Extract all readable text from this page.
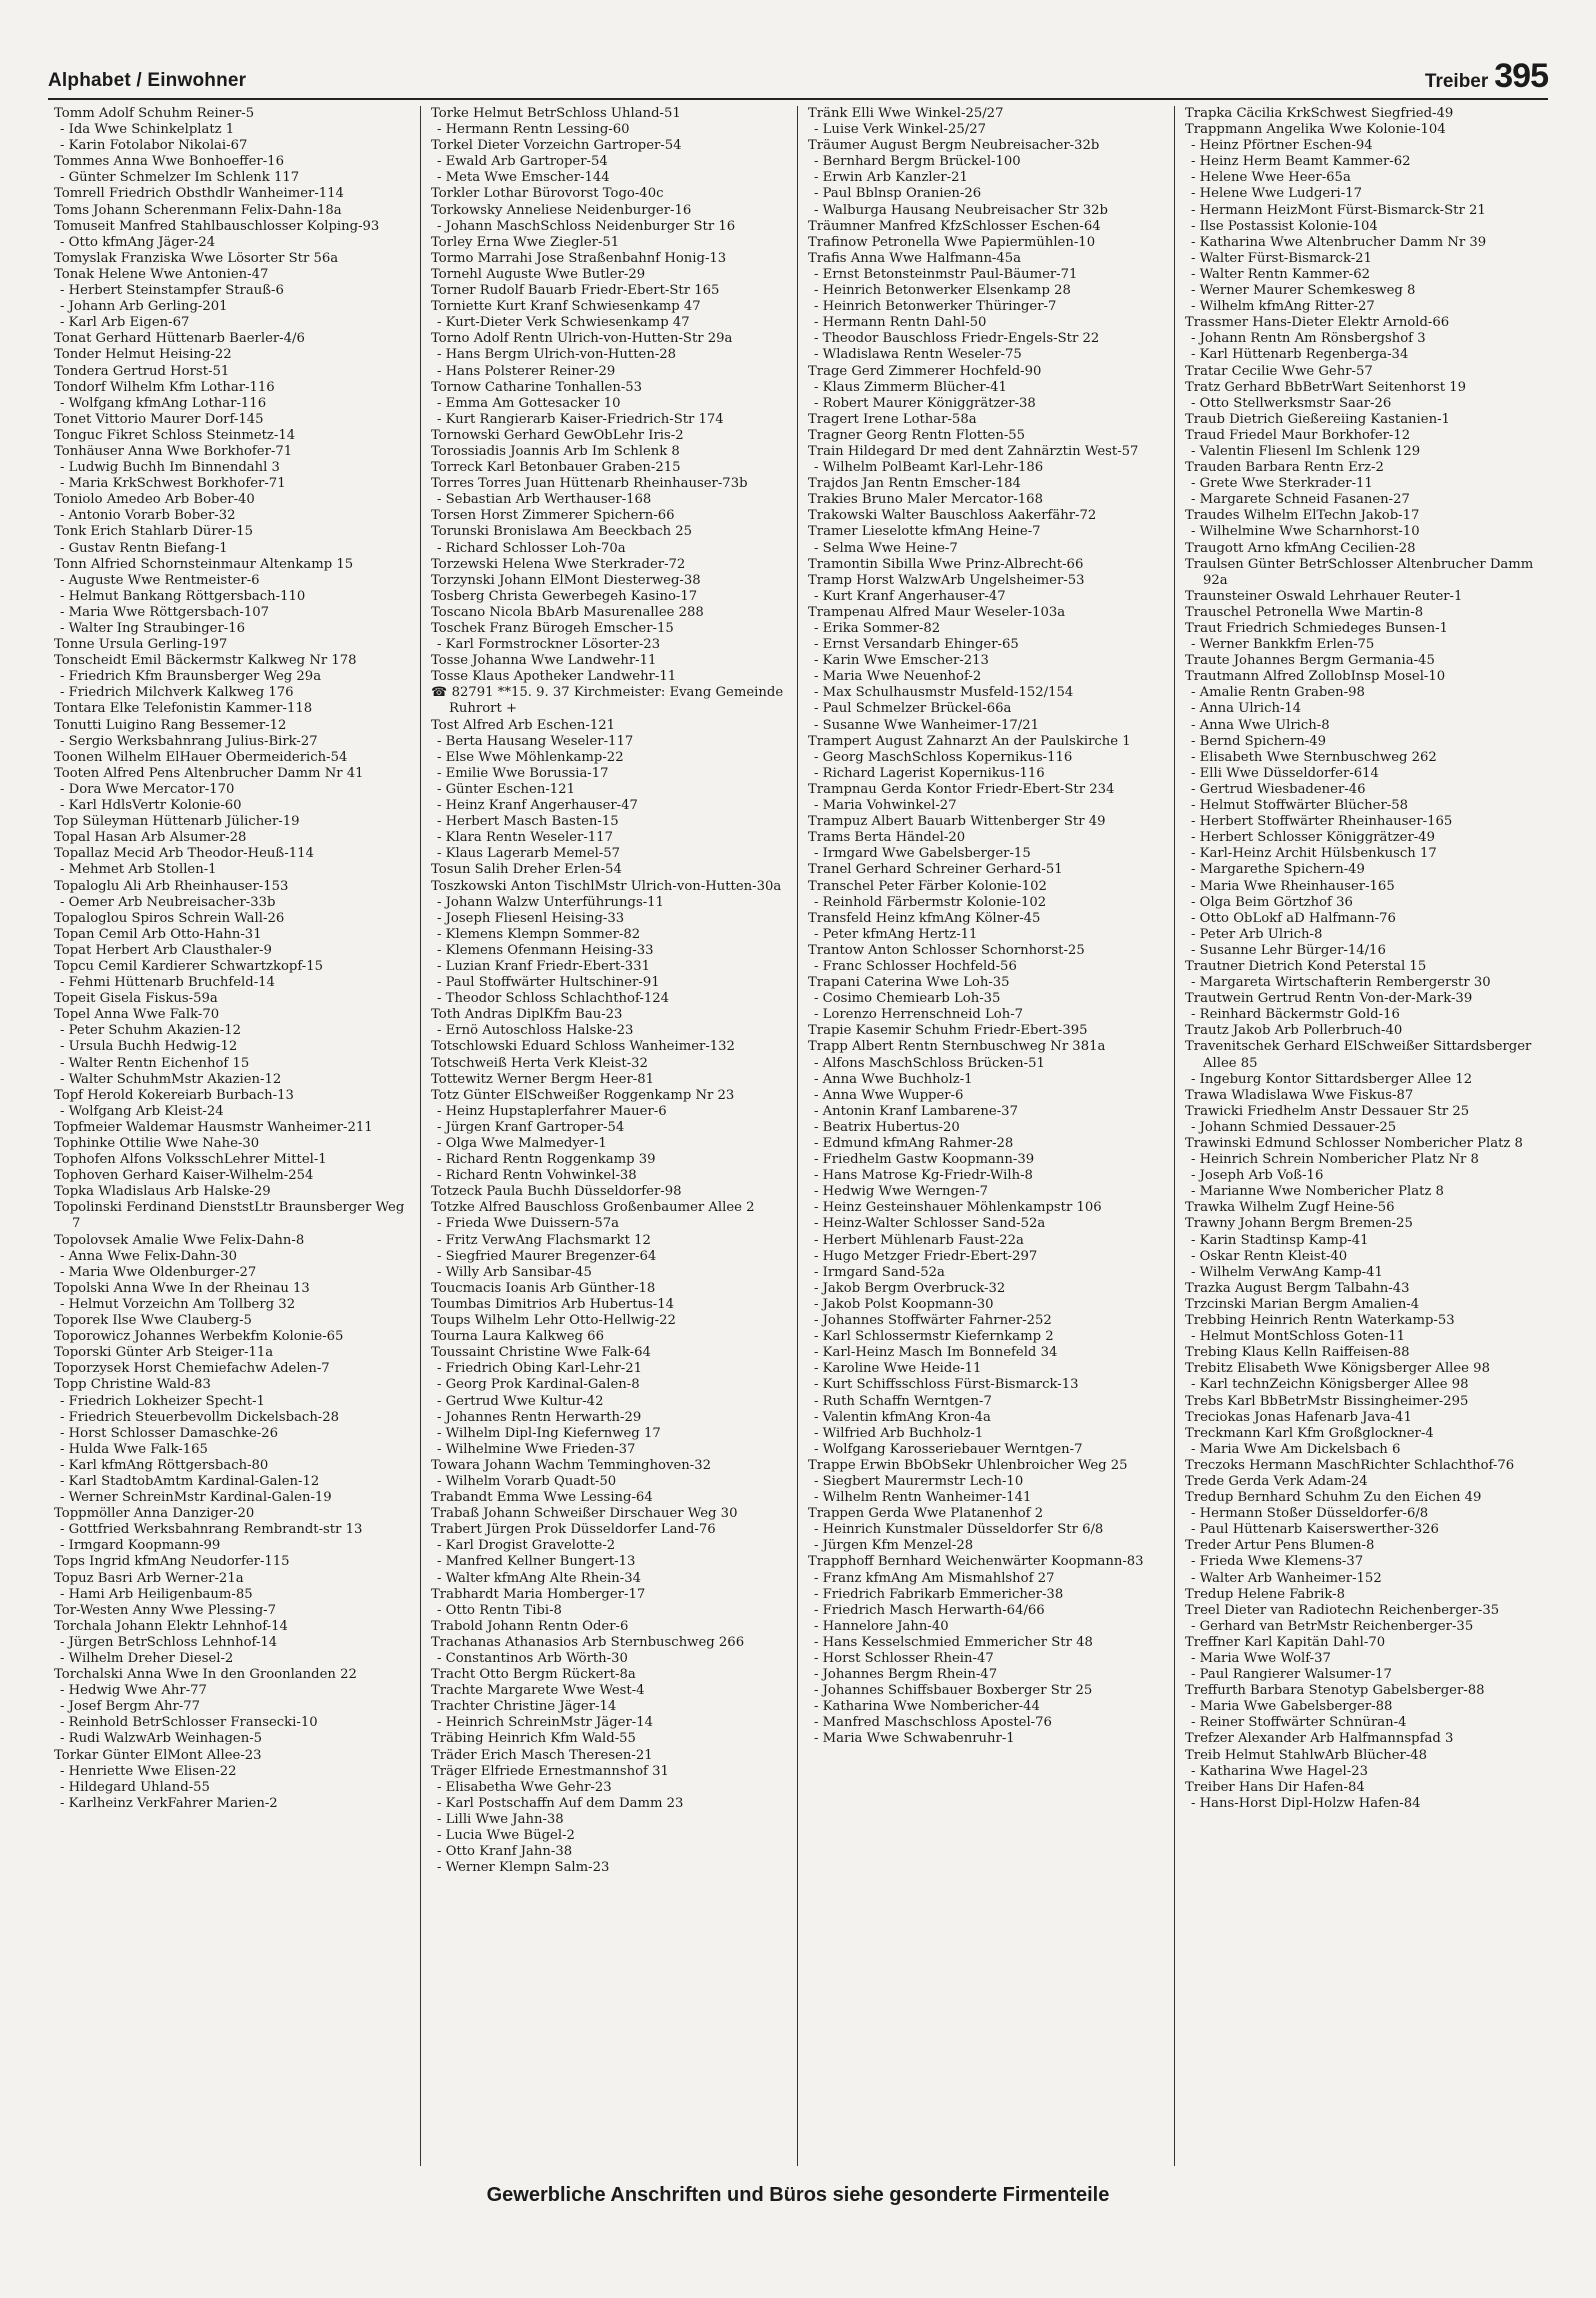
Alphabet / Einwohner	Treiber 395

Tomm Adolf Schuhm Reiner-5

- Ida Wwe Schinkelplatz 1

- Karin Fotolabor Nikolai-67

Tommes Anna Wwe Bonhoeffer-16

- Günter Schmelzer Im Schlenk 117

Tomrell Friedrich Obsthdlr Wanheimer-114

Toms Johann Scherenmann Felix-Dahn-18a

Tomuseit Manfred Stahlbauschlosser Kolping-93

- Otto kfmAng Jäger-24

Tomyslak Franziska Wwe Lösorter Str 56a

Tonak Helene Wwe Antonien-47

- Herbert Steinstampfer Strauß-6

- Johann Arb Gerling-201

- Karl Arb Eigen-67

Tonat Gerhard Hüttenarb Baerler-4/6

Tonder Helmut Heising-22

Tondera Gertrud Horst-51

Tondorf Wilhelm Kfm Lothar-116

- Wolfgang kfmAng Lothar-116

Tonet Vittorio Maurer Dorf-145

Tonguc Fikret Schloss Steinmetz-14

Tonhäuser Anna Wwe Borkhofer-71

- Ludwig Buchh Im Binnendahl 3

- Maria KrkSchwest Borkhofer-71

Toniolo Amedeo Arb Bober-40

- Antonio Vorarb Bober-32

Tonk Erich Stahlarb Dürer-15

- Gustav Rentn Biefang-1

Tonn Alfried Schornsteinmaur Altenkamp 15

- Auguste Wwe Rentmeister-6

- Helmut Bankang Röttgersbach-110

- Maria Wwe Röttgersbach-107

- Walter Ing Straubinger-16

Tonne Ursula Gerling-197

Tonscheidt Emil Bäckermstr Kalkweg Nr 178

- Friedrich Kfm Braunsberger Weg 29a

- Friedrich Milchverk Kalkweg 176

Tontara Elke Telefonistin Kammer-118

Tonutti Luigino Rang Bessemer-12

- Sergio Werksbahnrang Julius-Birk-27

Toonen Wilhelm ElHauer Obermeiderich-54

Tooten Alfred Pens Altenbrucher Damm Nr 41

- Dora Wwe Mercator-170

- Karl HdlsVertr Kolonie-60

Top Süleyman Hüttenarb Jülicher-19

Topal Hasan Arb Alsumer-28

Topallaz Mecid Arb Theodor-Heuß-114

- Mehmet Arb Stollen-1

Topaloglu Ali Arb Rheinhauser-153

- Oemer Arb Neubreisacher-33b

Topaloglou Spiros Schrein Wall-26

Topan Cemil Arb Otto-Hahn-31

Topat Herbert Arb Clausthaler-9

Topcu Cemil Kardierer Schwartzkopf-15

- Fehmi Hüttenarb Bruchfeld-14

Topeit Gisela Fiskus-59a

Topel Anna Wwe Falk-70

- Peter Schuhm Akazien-12

- Ursula Buchh Hedwig-12

- Walter Rentn Eichenhof 15

- Walter SchuhmMstr Akazien-12

Topf Herold Kokereiarb Burbach-13

- Wolfgang Arb Kleist-24

Topfmeier Waldemar Hausmstr Wanheimer-211

Tophinke Ottilie Wwe Nahe-30

Tophofen Alfons VolksschLehrer Mittel-1

Tophoven Gerhard Kaiser-Wilhelm-254

Topka Wladislaus Arb Halske-29

Topolinski Ferdinand DienststLtr Braunsberger Weg 7

Topolovsek Amalie Wwe Felix-Dahn-8

- Anna Wwe Felix-Dahn-30

- Maria Wwe Oldenburger-27

Topolski Anna Wwe In der Rheinau 13

- Helmut Vorzeichn Am Tollberg 32

Toporek Ilse Wwe Clauberg-5

Toporowicz Johannes Werbekfm Kolonie-65

Toporski Günter Arb Steiger-11a

Toporzysek Horst Chemiefachw Adelen-7

Topp Christine Wald-83

- Friedrich Lokheizer Specht-1

- Friedrich Steuerbevollm Dickelsbach-28

- Horst Schlosser Damaschke-26

- Hulda Wwe Falk-165

- Karl kfmAng Röttgersbach-80

- Karl StadtobAmtm Kardinal-Galen-12

- Werner SchreinMstr Kardinal-Galen-19

Toppmöller Anna Danziger-20

- Gottfried Werksbahnrang Rembrandt-str 13

- Irmgard Koopmann-99

Tops Ingrid kfmAng Neudorfer-115

Topuz Basri Arb Werner-21a

- Hami Arb Heiligenbaum-85

Tor-Westen Anny Wwe Plessing-7

Torchala Johann Elektr Lehnhof-14

- Jürgen BetrSchloss Lehnhof-14

- Wilhelm Dreher Diesel-2

Torchalski Anna Wwe In den Groonlanden 22

- Hedwig Wwe Ahr-77

- Josef Bergm Ahr-77

- Reinhold BetrSchlosser Fransecki-10

- Rudi WalzwArb Weinhagen-5

Torkar Günter ElMont Allee-23

- Henriette Wwe Elisen-22

- Hildegard Uhland-55

- Karlheinz VerkFahrer Marien-2

Torke Helmut BetrSchloss Uhland-51

- Hermann Rentn Lessing-60

Torkel Dieter Vorzeichn Gartroper-54

- Ewald Arb Gartroper-54

- Meta Wwe Emscher-144

Torkler Lothar Bürovorst Togo-40c

Torkowsky Anneliese Neidenburger-16

- Johann MaschSchloss Neidenburger Str 16

Torley Erna Wwe Ziegler-51

Tormo Marrahi Jose Straßenbahnf Honig-13

Tornehl Auguste Wwe Butler-29

Torner Rudolf Bauarb Friedr-Ebert-Str 165

Torniette Kurt Kranf Schwiesenkamp 47

- Kurt-Dieter Verk Schwiesenkamp 47

Torno Adolf Rentn Ulrich-von-Hutten-Str 29a

- Hans Bergm Ulrich-von-Hutten-28

- Hans Polsterer Reiner-29

Tornow Catharine Tonhallen-53

- Emma Am Gottesacker 10

- Kurt Rangierarb Kaiser-Friedrich-Str 174

Tornowski Gerhard GewObLehr Iris-2

Torossiadis Joannis Arb Im Schlenk 8

Torreck Karl Betonbauer Graben-215

Torres Torres Juan Hüttenarb Rheinhauser-73b

- Sebastian Arb Werthauser-168

Torsen Horst Zimmerer Spichern-66

Torunski Bronislawa Am Beeckbach 25

- Richard Schlosser Loh-70a

Torzewski Helena Wwe Sterkrader-72

Torzynski Johann ElMont Diesterweg-38

Tosberg Christa Gewerbegeh Kasino-17

Toscano Nicola BbArb Masurenallee 288

Toschek Franz Bürogeh Emscher-15

- Karl Formstrockner Lösorter-23

Tosse Johanna Wwe Landwehr-11

Tosse Klaus Apotheker Landwehr-11

☎ 82791 **15. 9. 37 Kirchmeister: Evang Gemeinde Ruhrort +

Tost Alfred Arb Eschen-121

- Berta Hausang Weseler-117

- Else Wwe Möhlenkamp-22

- Emilie Wwe Borussia-17

- Günter Eschen-121

- Heinz Kranf Angerhauser-47

- Herbert Masch Basten-15

- Klara Rentn Weseler-117

- Klaus Lagerarb Memel-57

Tosun Salih Dreher Erlen-54

Toszkowski Anton TischlMstr Ulrich-von-Hutten-30a

- Johann Walzw Unterführungs-11

- Joseph Fliesenl Heising-33

- Klemens Klempn Sommer-82

- Klemens Ofenmann Heising-33

- Luzian Kranf Friedr-Ebert-331

- Paul Stoffwärter Hultschiner-91

- Theodor Schloss Schlachthof-124

Toth Andras DiplKfm Bau-23

- Ernö Autoschloss Halske-23

Totschlowski Eduard Schloss Wanheimer-132

Totschweiß Herta Verk Kleist-32

Tottewitz Werner Bergm Heer-81

Totz Günter ElSchweißer Roggenkamp Nr 23

- Heinz Hupstaplerfahrer Mauer-6

- Jürgen Kranf Gartroper-54

- Olga Wwe Malmedyer-1

- Richard Rentn Roggenkamp 39

- Richard Rentn Vohwinkel-38

Totzeck Paula Buchh Düsseldorfer-98

Totzke Alfred Bauschloss Großenbaumer Allee 2

- Frieda Wwe Duissern-57a

- Fritz VerwAng Flachsmarkt 12

- Siegfried Maurer Bregenzer-64

- Willy Arb Sansibar-45

Toucmacis Ioanis Arb Günther-18

Toumbas Dimitrios Arb Hubertus-14

Toups Wilhelm Lehr Otto-Hellwig-22

Tourna Laura Kalkweg 66

Toussaint Christine Wwe Falk-64

- Friedrich Obing Karl-Lehr-21

- Georg Prok Kardinal-Galen-8

- Gertrud Wwe Kultur-42

- Johannes Rentn Herwarth-29

- Wilhelm Dipl-Ing Kiefernweg 17

- Wilhelmine Wwe Frieden-37

Towara Johann Wachm Temminghoven-32

- Wilhelm Vorarb Quadt-50

Trabandt Emma Wwe Lessing-64

Trabaß Johann Schweißer Dirschauer Weg 30

Trabert Jürgen Prok Düsseldorfer Land-76

- Karl Drogist Gravelotte-2

- Manfred Kellner Bungert-13

- Walter kfmAng Alte Rhein-34

Trabhardt Maria Homberger-17

- Otto Rentn Tibi-8

Trabold Johann Rentn Oder-6

Trachanas Athanasios Arb Sternbuschweg 266

- Constantinos Arb Wörth-30

Tracht Otto Bergm Rückert-8a

Trachte Margarete Wwe West-4

Trachter Christine Jäger-14

- Heinrich SchreinMstr Jäger-14

Träbing Heinrich Kfm Wald-55

Träder Erich Masch Theresen-21

Träger Elfriede Ernestmannshof 31

- Elisabetha Wwe Gehr-23

- Karl Postschaffn Auf dem Damm 23

- Lilli Wwe Jahn-38

- Lucia Wwe Bügel-2

- Otto Kranf Jahn-38

- Werner Klempn Salm-23

Tränk Elli Wwe Winkel-25/27

- Luise Verk Winkel-25/27

Träumer August Bergm Neubreisacher-32b

- Bernhard Bergm Brückel-100

- Erwin Arb Kanzler-21

- Paul Bblnsp Oranien-26

- Walburga Hausang Neubreisacher Str 32b

Träumner Manfred KfzSchlosser Eschen-64

Trafinow Petronella Wwe Papiermühlen-10

Trafis Anna Wwe Halfmann-45a

- Ernst Betonsteinmstr Paul-Bäumer-71

- Heinrich Betonwerker Elsenkamp 28

- Heinrich Betonwerker Thüringer-7

- Hermann Rentn Dahl-50

- Theodor Bauschloss Friedr-Engels-Str 22

- Wladislawa Rentn Weseler-75

Trage Gerd Zimmerer Hochfeld-90

- Klaus Zimmerm Blücher-41

- Robert Maurer Königgrätzer-38

Tragert Irene Lothar-58a

Tragner Georg Rentn Flotten-55

Train Hildegard Dr med dent Zahnärztin West-57

- Wilhelm PolBeamt Karl-Lehr-186

Trajdos Jan Rentn Emscher-184

Trakies Bruno Maler Mercator-168

Trakowski Walter Bauschloss Aakerfähr-72

Tramer Lieselotte kfmAng Heine-7

- Selma Wwe Heine-7

Tramontin Sibilla Wwe Prinz-Albrecht-66

Tramp Horst WalzwArb Ungelsheimer-53

- Kurt Kranf Angerhauser-47

Trampenau Alfred Maur Weseler-103a

- Erika Sommer-82

- Ernst Versandarb Ehinger-65

- Karin Wwe Emscher-213

- Maria Wwe Neuenhof-2

- Max Schulhausmstr Musfeld-152/154

- Paul Schmelzer Brückel-66a

- Susanne Wwe Wanheimer-17/21

Trampert August Zahnarzt An der Paulskirche 1

- Georg MaschSchloss Kopernikus-116

- Richard Lagerist Kopernikus-116

Trampnau Gerda Kontor Friedr-Ebert-Str 234

- Maria Vohwinkel-27

Trampuz Albert Bauarb Wittenberger Str 49

Trams Berta Händel-20

- Irmgard Wwe Gabelsberger-15

Tranel Gerhard Schreiner Gerhard-51

Transchel Peter Färber Kolonie-102

- Reinhold Färbermstr Kolonie-102

Transfeld Heinz kfmAng Kölner-45

- Peter kfmAng Hertz-11

Trantow Anton Schlosser Schornhorst-25

- Franc Schlosser Hochfeld-56

Trapani Caterina Wwe Loh-35

- Cosimo Chemiearb Loh-35

- Lorenzo Herrenschneid Loh-7

Trapie Kasemir Schuhm Friedr-Ebert-395

Trapp Albert Rentn Sternbuschweg Nr 381a

- Alfons MaschSchloss Brücken-51

- Anna Wwe Buchholz-1

- Anna Wwe Wupper-6

- Antonin Kranf Lambarene-37

- Beatrix Hubertus-20

- Edmund kfmAng Rahmer-28

- Friedhelm Gastw Koopmann-39

- Hans Matrose Kg-Friedr-Wilh-8

- Hedwig Wwe Werngen-7

- Heinz Gesteinshauer Möhlenkampstr 106

- Heinz-Walter Schlosser Sand-52a

- Herbert Mühlenarb Faust-22a

- Hugo Metzger Friedr-Ebert-297

- Irmgard Sand-52a

- Jakob Bergm Overbruck-32

- Jakob Polst Koopmann-30

- Johannes Stoffwärter Fahrner-252

- Karl Schlossermstr Kiefernkamp 2

- Karl-Heinz Masch Im Bonnefeld 34

- Karoline Wwe Heide-11

- Kurt Schiffsschloss Fürst-Bismarck-13

- Ruth Schaffn Werntgen-7

- Valentin kfmAng Kron-4a

- Wilfried Arb Buchholz-1

- Wolfgang Karosseriebauer Werntgen-7

Trappe Erwin BbObSekr Uhlenbroicher Weg 25

- Siegbert Maurermstr Lech-10

- Wilhelm Rentn Wanheimer-141

Trappen Gerda Wwe Platanenhof 2

- Heinrich Kunstmaler Düsseldorfer Str 6/8

- Jürgen Kfm Menzel-28

Trapphoff Bernhard Weichenwärter Koopmann-83

- Franz kfmAng Am Mismahlshof 27

- Friedrich Fabrikarb Emmericher-38

- Friedrich Masch Herwarth-64/66

- Hannelore Jahn-40

- Hans Kesselschmied Emmericher Str 48

- Horst Schlosser Rhein-47

- Johannes Bergm Rhein-47

- Johannes Schiffsbauer Boxberger Str 25

- Katharina Wwe Nombericher-44

- Manfred Maschschloss Apostel-76

- Maria Wwe Schwabenruhr-1

Trapka Cäcilia KrkSchwest Siegfried-49

Trappmann Angelika Wwe Kolonie-104

- Heinz Pförtner Eschen-94

- Heinz Herm Beamt Kammer-62

- Helene Wwe Heer-65a

- Helene Wwe Ludgeri-17

- Hermann HeizMont Fürst-Bismarck-Str 21

- Ilse Postassist Kolonie-104

- Katharina Wwe Altenbrucher Damm Nr 39

- Walter Fürst-Bismarck-21

- Walter Rentn Kammer-62

- Werner Maurer Schemkesweg 8

- Wilhelm kfmAng Ritter-27

Trassmer Hans-Dieter Elektr Arnold-66

- Johann Rentn Am Rönsbergshof 3

- Karl Hüttenarb Regenberga-34

Tratar Cecilie Wwe Gehr-57

Tratz Gerhard BbBetrWart Seitenhorst 19

- Otto Stellwerksmstr Saar-26

Traub Dietrich Gießereiing Kastanien-1

Traud Friedel Maur Borkhofer-12

- Valentin Fliesenl Im Schlenk 129

Trauden Barbara Rentn Erz-2

- Grete Wwe Sterkrader-11

- Margarete Schneid Fasanen-27

Traudes Wilhelm ElTechn Jakob-17

- Wilhelmine Wwe Scharnhorst-10

Traugott Arno kfmAng Cecilien-28

Traulsen Günter BetrSchlosser Altenbrucher Damm 92a

Traunsteiner Oswald Lehrhauer Reuter-1

Trauschel Petronella Wwe Martin-8

Traut Friedrich Schmiedeges Bunsen-1

- Werner Bankkfm Erlen-75

Traute Johannes Bergm Germania-45

Trautmann Alfred ZollobInsp Mosel-10

- Amalie Rentn Graben-98

- Anna Ulrich-14

- Anna Wwe Ulrich-8

- Bernd Spichern-49

- Elisabeth Wwe Sternbuschweg 262

- Elli Wwe Düsseldorfer-614

- Gertrud Wiesbadener-46

- Helmut Stoffwärter Blücher-58

- Herbert Stoffwärter Rheinhauser-165

- Herbert Schlosser Königgrätzer-49

- Karl-Heinz Archit Hülsbenkusch 17

- Margarethe Spichern-49

- Maria Wwe Rheinhauser-165

- Olga Beim Görtzhof 36

- Otto ObLokf aD Halfmann-76

- Peter Arb Ulrich-8

- Susanne Lehr Bürger-14/16

Trautner Dietrich Kond Peterstal 15

- Margareta Wirtschafterin Rembergerstr 30

Trautwein Gertrud Rentn Von-der-Mark-39

- Reinhard Bäckermstr Gold-16

Trautz Jakob Arb Pollerbruch-40

Travenitschek Gerhard ElSchweißer Sittardsberger Allee 85

- Ingeburg Kontor Sittardsberger Allee 12

Trawa Wladislawa Wwe Fiskus-87

Trawicki Friedhelm Anstr Dessauer Str 25

- Johann Schmied Dessauer-25

Trawinski Edmund Schlosser Nombericher Platz 8

- Heinrich Schrein Nombericher Platz Nr 8

- Joseph Arb Voß-16

- Marianne Wwe Nombericher Platz 8

Trawka Wilhelm Zugf Heine-56

Trawny Johann Bergm Bremen-25

- Karin Stadtinsp Kamp-41

- Oskar Rentn Kleist-40

- Wilhelm VerwAng Kamp-41

Trazka August Bergm Talbahn-43

Trzcinski Marian Bergm Amalien-4

Trebbing Heinrich Rentn Waterkamp-53

- Helmut MontSchloss Goten-11

Trebing Klaus Kelln Raiffeisen-88

Trebitz Elisabeth Wwe Königsberger Allee 98

- Karl technZeichn Königsberger Allee 98

Trebs Karl BbBetrMstr Bissingheimer-295

Treciokas Jonas Hafenarb Java-41

Treckmann Karl Kfm Großglockner-4

- Maria Wwe Am Dickelsbach 6

Treczoks Hermann MaschRichter Schlachthof-76

Trede Gerda Verk Adam-24

Tredup Bernhard Schuhm Zu den Eichen 49

- Hermann Stoßer Düsseldorfer-6/8

- Paul Hüttenarb Kaiserswerther-326

Treder Artur Pens Blumen-8

- Frieda Wwe Klemens-37

- Walter Arb Wanheimer-152

Tredup Helene Fabrik-8

Treel Dieter van Radiotechn Reichenberger-35

- Gerhard van BetrMstr Reichenberger-35

Treffner Karl Kapitän Dahl-70

- Maria Wwe Wolf-37

- Paul Rangierer Walsumer-17

Treffurth Barbara Stenotyp Gabelsberger-88

- Maria Wwe Gabelsberger-88

- Reiner Stoffwärter Schnüran-4

Trefzer Alexander Arb Halfmannspfad 3

Treib Helmut StahlwArb Blücher-48

- Katharina Wwe Hagel-23

Treiber Hans Dir Hafen-84

- Hans-Horst Dipl-Holzw Hafen-84

Gewerbliche Anschriften und Büros siehe gesonderte Firmenteile
